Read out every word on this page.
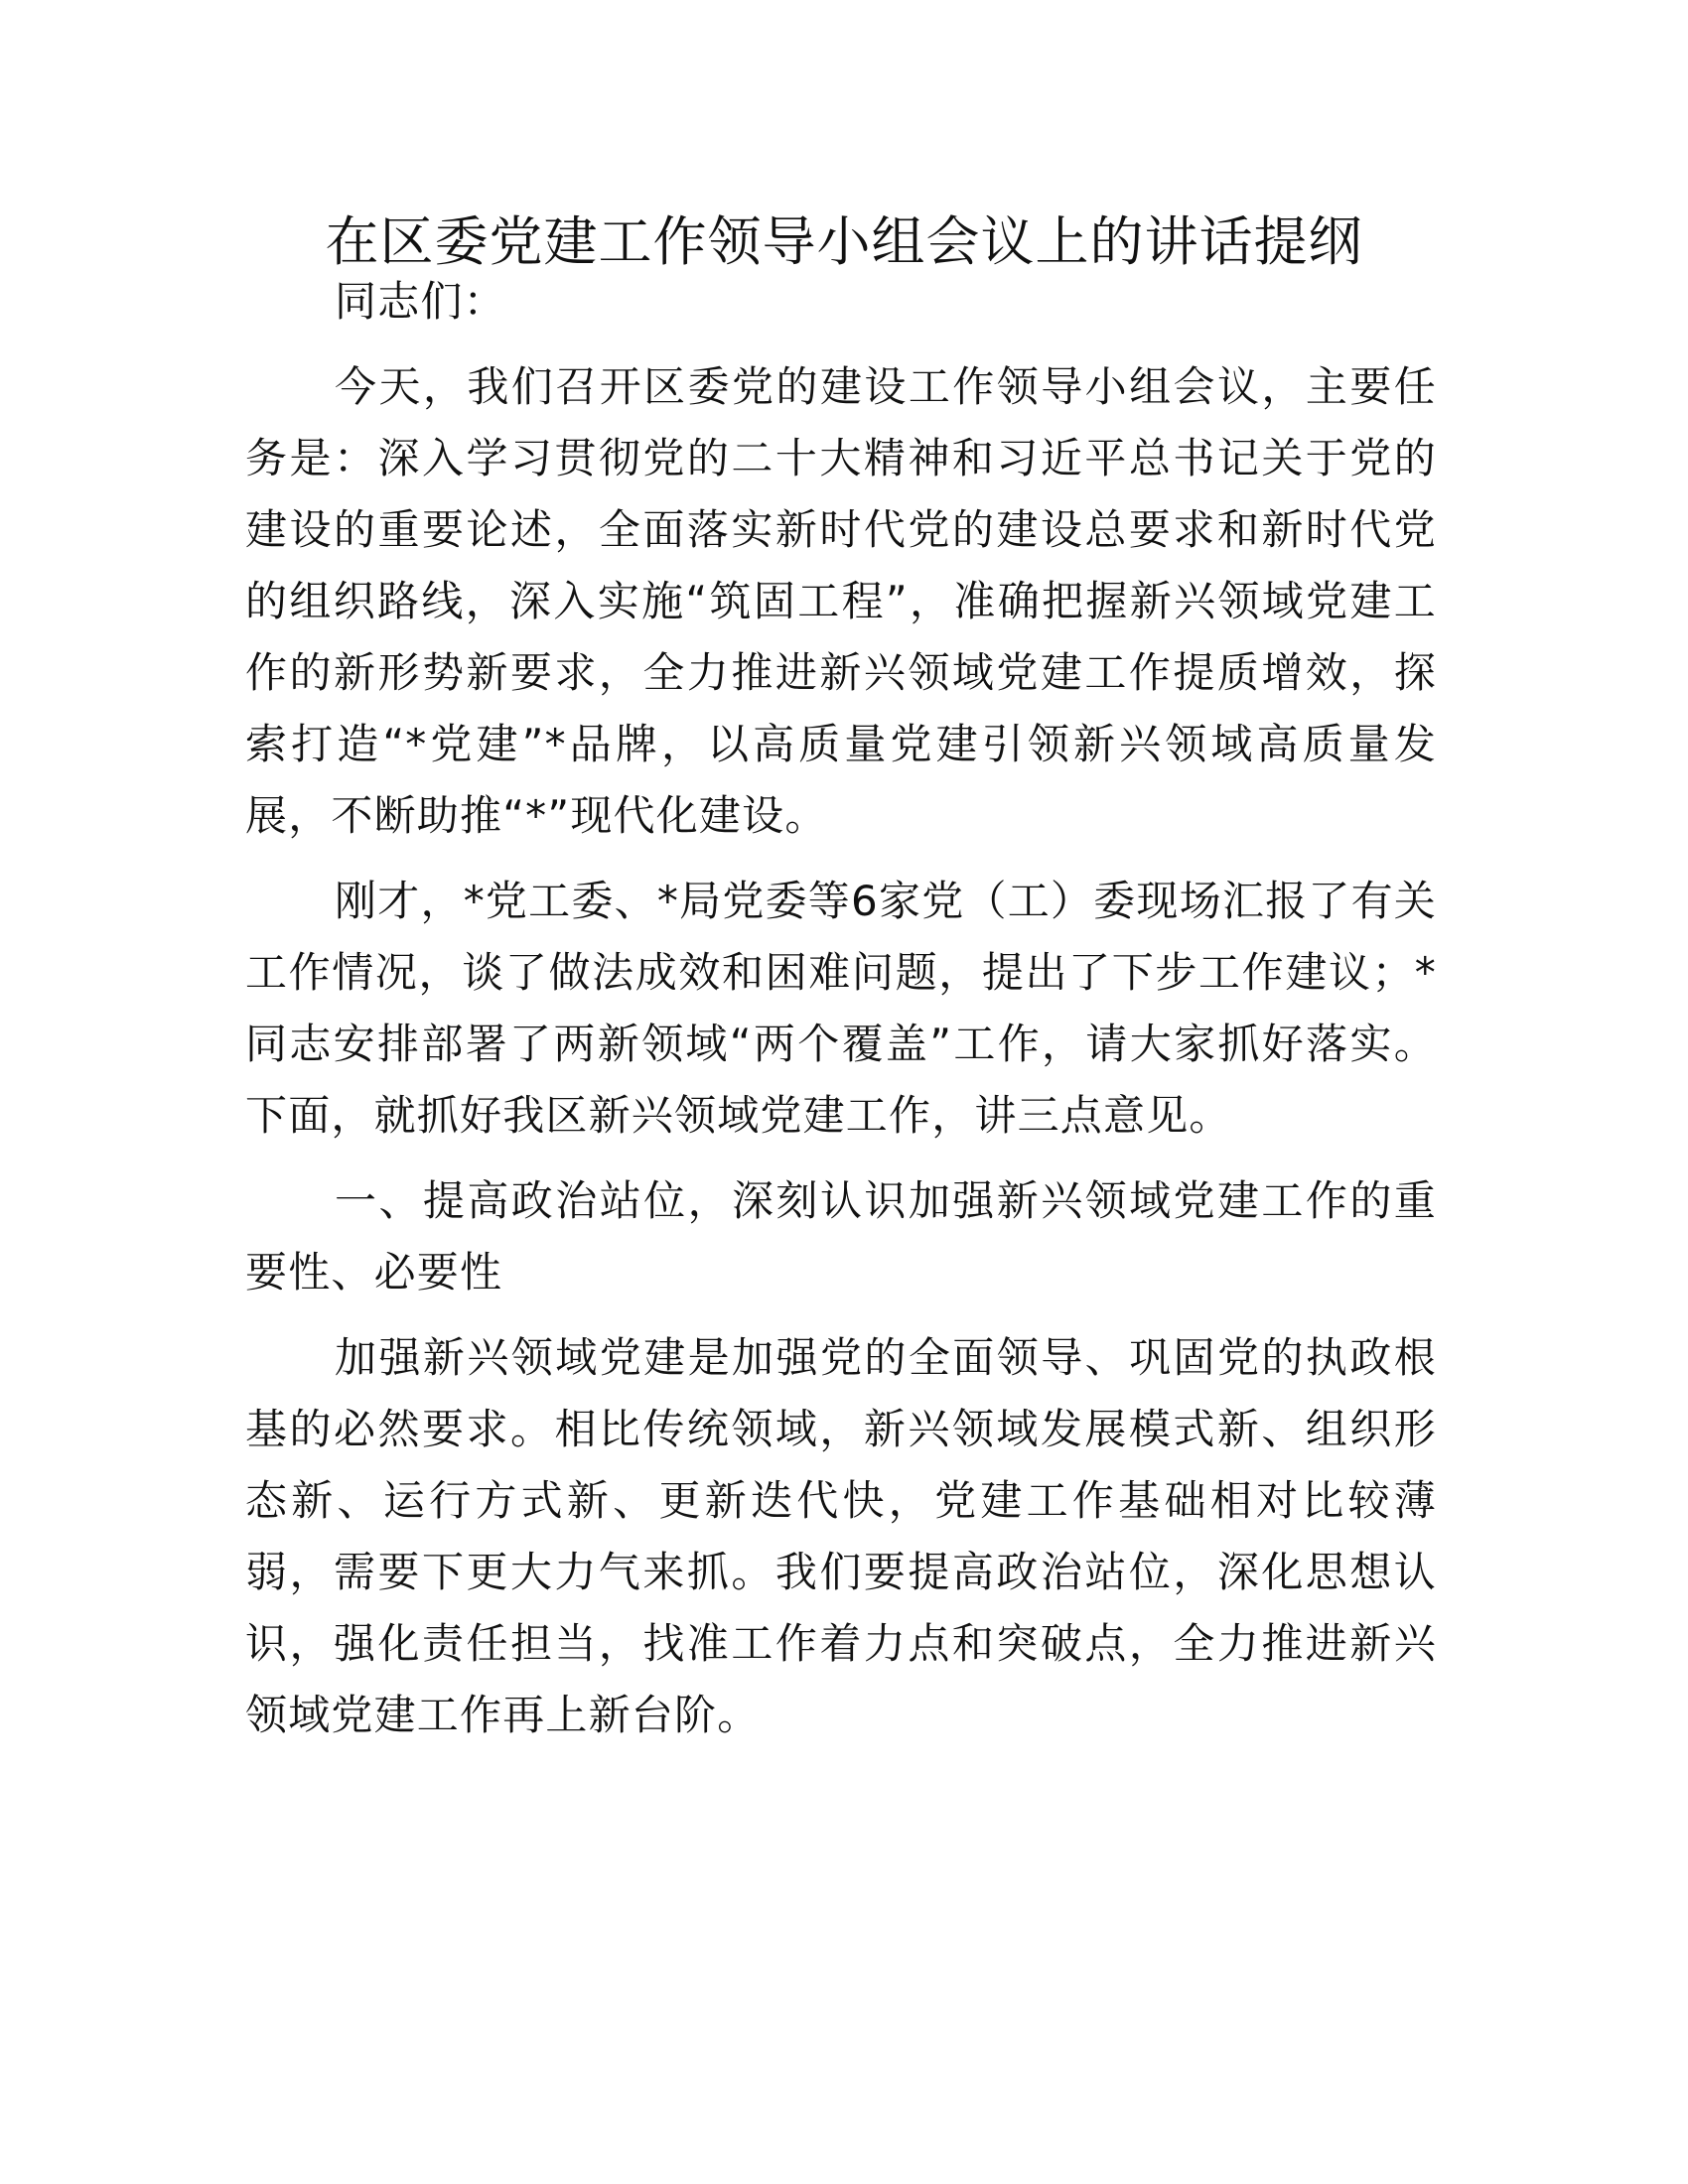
在区委党建工作领导小组会议上的讲话提纲

同志们：

今天，我们召开区委党的建设工作领导小组会议，主要任务是：深入学习贯彻党的二十大精神和习近平总书记关于党的建设的重要论述，全面落实新时代党的建设总要求和新时代党的组织路线，深入实施“筑固工程”，准确把握新兴领域党建工作的新形势新要求，全力推进新兴领域党建工作提质增效，探索打造“*党建”*品牌，以高质量党建引领新兴领域高质量发展，不断助推“*”现代化建设。

刚才，*党工委、*局党委等6家党（工）委现场汇报了有关工作情况，谈了做法成效和困难问题，提出了下步工作建议；*同志安排部署了两新领域“两个覆盖”工作，请大家抓好落实。下面，就抓好我区新兴领域党建工作，讲三点意见。

一、提高政治站位，深刻认识加强新兴领域党建工作的重要性、必要性

加强新兴领域党建是加强党的全面领导、巩固党的执政根基的必然要求。相比传统领域，新兴领域发展模式新、组织形态新、运行方式新、更新迭代快，党建工作基础相对比较薄弱，需要下更大力气来抓。我们要提高政治站位，深化思想认识，强化责任担当，找准工作着力点和突破点，全力推进新兴领域党建工作再上新台阶。
